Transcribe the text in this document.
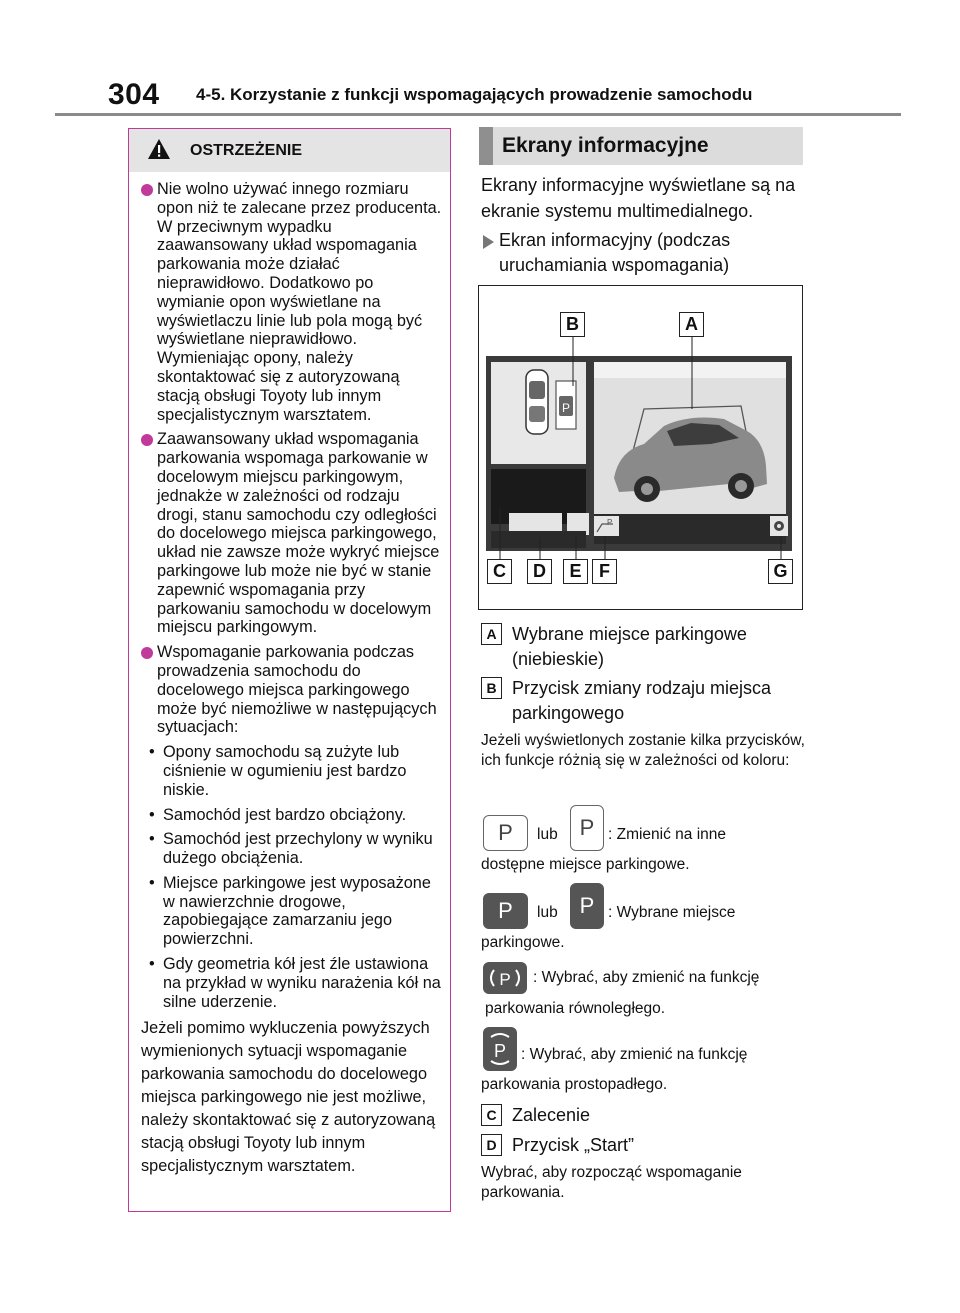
304 4-5. Korzystanie z funkcji wspomagających prowadzenie samochodu
OSTRZEŻENIE
Nie wolno używać innego rozmiaru opon niż te zalecane przez producenta. W przeciwnym wypadku zaawansowany układ wspomagania parkowania może działać nieprawidłowo. Dodatkowo po wymianie opon wyświetlane na wyświetlaczu linie lub pola mogą być wyświetlane nieprawidłowo. Wymieniając opony, należy skontaktować się z autoryzowaną stacją obsługi Toyoty lub innym specjalistycznym warsztatem.
Zaawansowany układ wspomagania parkowania wspomaga parkowanie w docelowym miejscu parkingowym, jednakże w zależności od rodzaju drogi, stanu samochodu czy odległości do docelowego miejsca parkingowego, układ nie zawsze może wykryć miejsce parkingowe lub może nie być w stanie zapewnić wspomagania przy parkowaniu samochodu w docelowym miejscu parkingowym.
Wspomaganie parkowania podczas prowadzenia samochodu do docelowego miejsca parkingowego może być niemożliwe w następujących sytuacjach:
• Opony samochodu są zużyte lub ciśnienie w ogumieniu jest bardzo niskie.
• Samochód jest bardzo obciążony.
• Samochód jest przechylony w wyniku dużego obciążenia.
• Miejsce parkingowe jest wyposażone w nawierzchnie drogowe, zapobiegające zamarzaniu jego powierzchni.
• Gdy geometria kół jest źle ustawiona na przykład w wyniku narażenia kół na silne uderzenie.
Jeżeli pomimo wykluczenia powyższych wymienionych sytuacji wspomaganie parkowania samochodu do docelowego miejsca parkingowego nie jest możliwe, należy skontaktować się z autoryzowaną stacją obsługi Toyoty lub innym specjalistycznym warsztatem.
Ekrany informacyjne
Ekrany informacyjne wyświetlane są na ekranie systemu multimedialnego.
Ekran informacyjny (podczas uruchamiania wspomagania)
P
P
B	A
C	D	E F	G
A Wybrane miejsce parkingowe (niebieskie)
B Przycisk zmiany rodzaju miejsca parkingowego
Jeżeli wyświetlonych zostanie kilka przycisków, ich funkcje różnią się w zależności od koloru:
P lub P : Zmienić na inne
dostępne miejsce parkingowe.
P lub P : Wybrane miejsce
parkingowe.
P : Wybrać, aby zmienić na funkcję
parkowania równoległego.
P : Wybrać, aby zmienić na funkcję
parkowania prostopadłego.
C Zalecenie
D Przycisk „Start”
Wybrać, aby rozpocząć wspomaganie parkowania.
